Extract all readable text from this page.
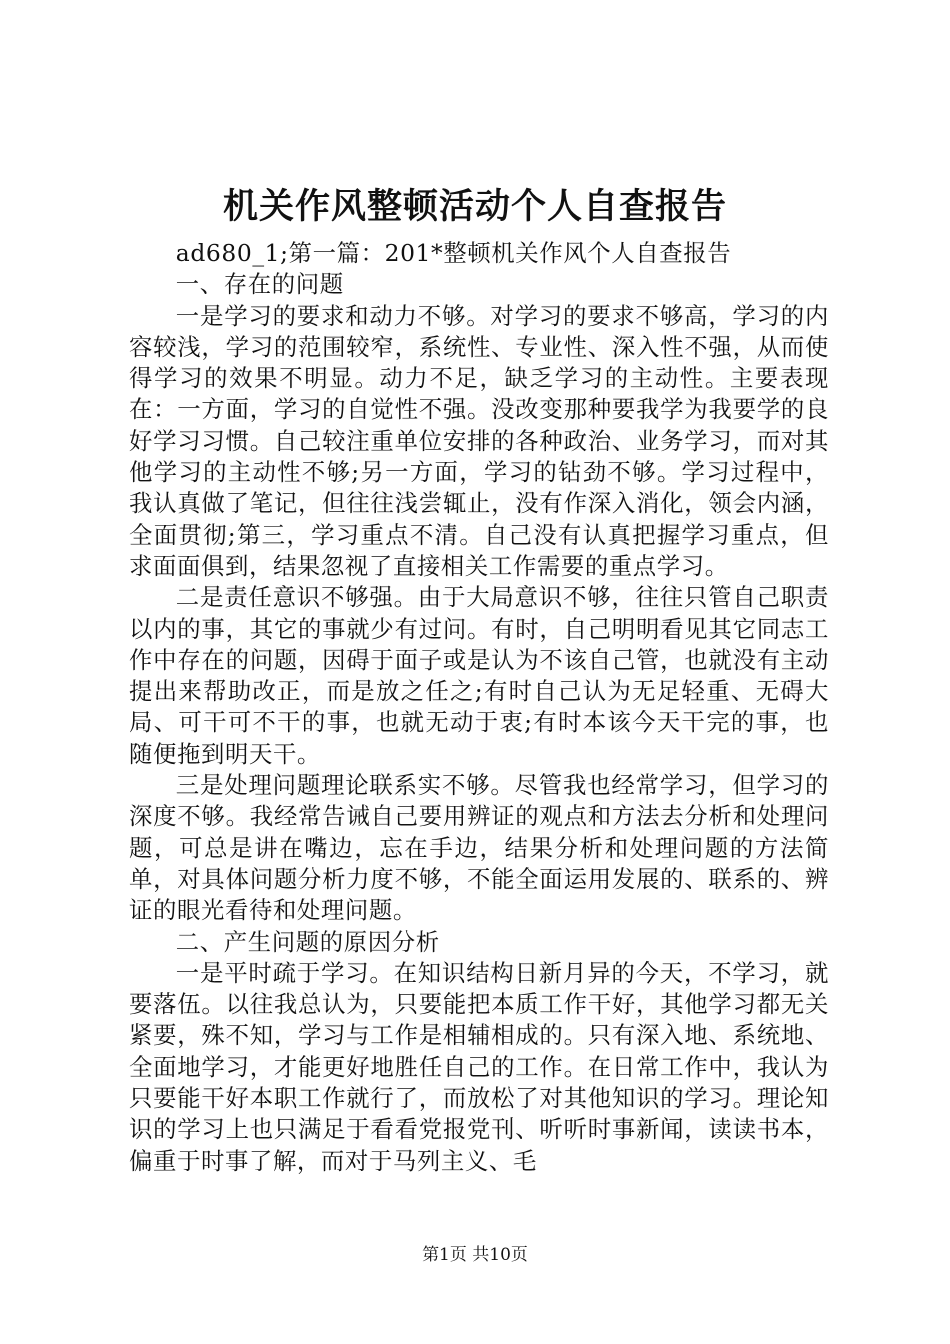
机关作风整顿活动个人自查报告

ad680_1;第一篇：201*整顿机关作风个人自查报告

一、存在的问题

一是学习的要求和动力不够。对学习的要求不够高，学习的内容较浅，学习的范围较窄，系统性、专业性、深入性不强，从而使得学习的效果不明显。动力不足，缺乏学习的主动性。主要表现在：一方面，学习的自觉性不强。没改变那种要我学为我要学的良好学习习惯。自己较注重单位安排的各种政治、业务学习，而对其他学习的主动性不够;另一方面，学习的钻劲不够。学习过程中，我认真做了笔记，但往往浅尝辄止，没有作深入消化，领会内涵，全面贯彻;第三，学习重点不清。自己没有认真把握学习重点，但求面面俱到，结果忽视了直接相关工作需要的重点学习。

二是责任意识不够强。由于大局意识不够，往往只管自己职责以内的事，其它的事就少有过问。有时，自己明明看见其它同志工作中存在的问题，因碍于面子或是认为不该自己管，也就没有主动提出来帮助改正，而是放之任之;有时自己认为无足轻重、无碍大局、可干可不干的事，也就无动于衷;有时本该今天干完的事，也随便拖到明天干。

三是处理问题理论联系实不够。尽管我也经常学习，但学习的深度不够。我经常告诫自己要用辨证的观点和方法去分析和处理问题，可总是讲在嘴边，忘在手边，结果分析和处理问题的方法简单，对具体问题分析力度不够，不能全面运用发展的、联系的、辨证的眼光看待和处理问题。

二、产生问题的原因分析

一是平时疏于学习。在知识结构日新月异的今天，不学习，就要落伍。以往我总认为，只要能把本质工作干好，其他学习都无关紧要，殊不知，学习与工作是相辅相成的。只有深入地、系统地、全面地学习，才能更好地胜任自己的工作。在日常工作中，我认为只要能干好本职工作就行了，而放松了对其他知识的学习。理论知识的学习上也只满足于看看党报党刊、听听时事新闻，读读书本，偏重于时事了解，而对于马列主义、毛

第1页 共10页
